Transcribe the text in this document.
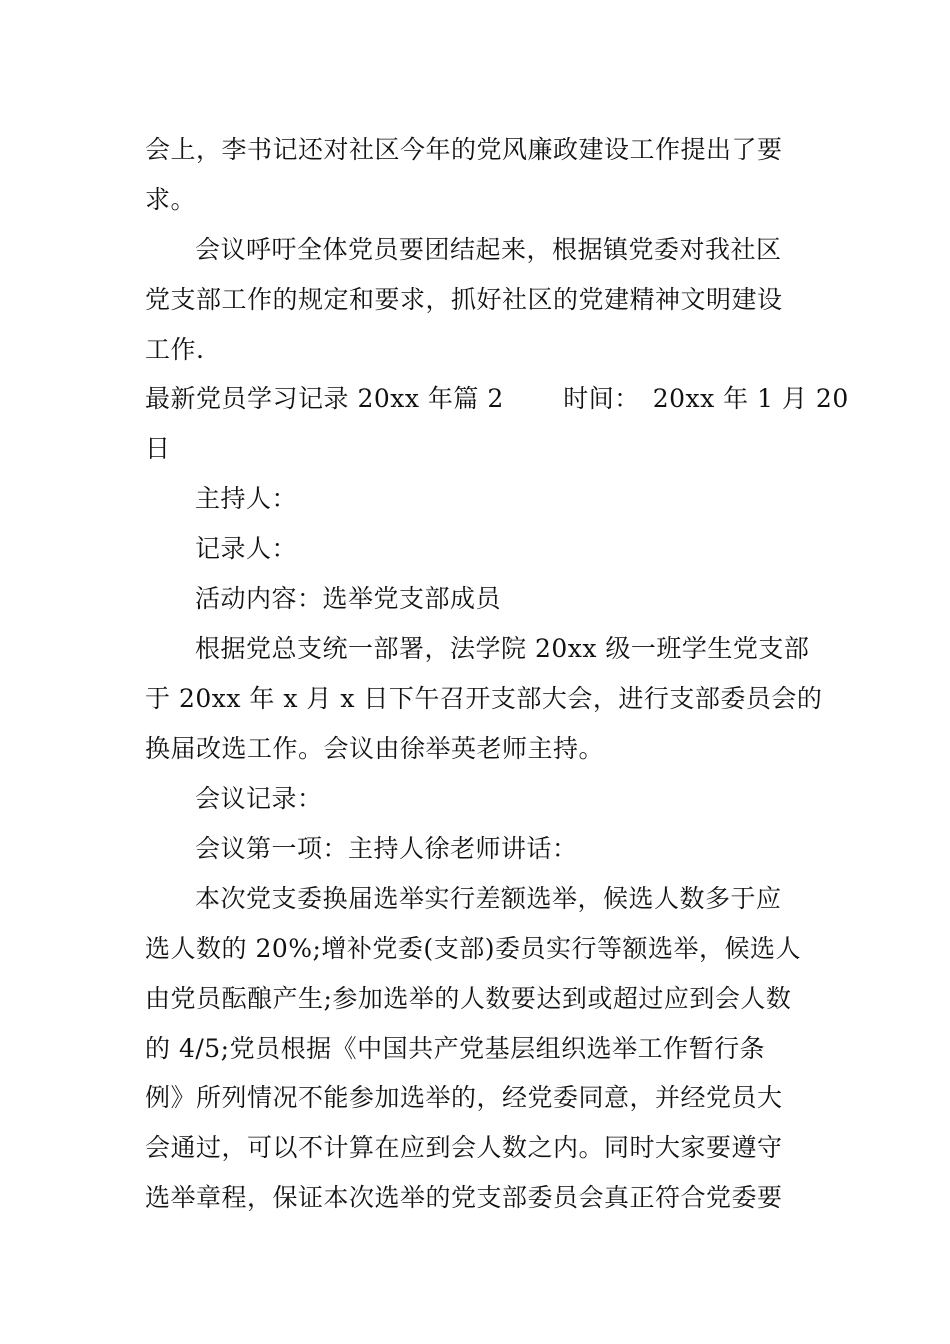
会上，李书记还对社区今年的党风廉政建设工作提出了要
求。
会议呼吁全体党员要团结起来，根据镇党委对我社区
党支部工作的规定和要求，抓好社区的党建精神文明建设
工作.
最新党员学习记录 20xx 年篇 2　　 时间：　20xx 年 1 月 20
日
主持人：
记录人：
活动内容：选举党支部成员
根据党总支统一部署，法学院 20xx 级一班学生党支部
于 20xx 年 x 月 x 日下午召开支部大会，进行支部委员会的
换届改选工作。会议由徐举英老师主持。
会议记录：
会议第一项：主持人徐老师讲话：
本次党支委换届选举实行差额选举，候选人数多于应
选人数的 20%;增补党委(支部)委员实行等额选举，候选人
由党员酝酿产生;参加选举的人数要达到或超过应到会人数
的 4/5;党员根据《中国共产党基层组织选举工作暂行条
例》所列情况不能参加选举的，经党委同意，并经党员大
会通过，可以不计算在应到会人数之内。同时大家要遵守
选举章程，保证本次选举的党支部委员会真正符合党委要
